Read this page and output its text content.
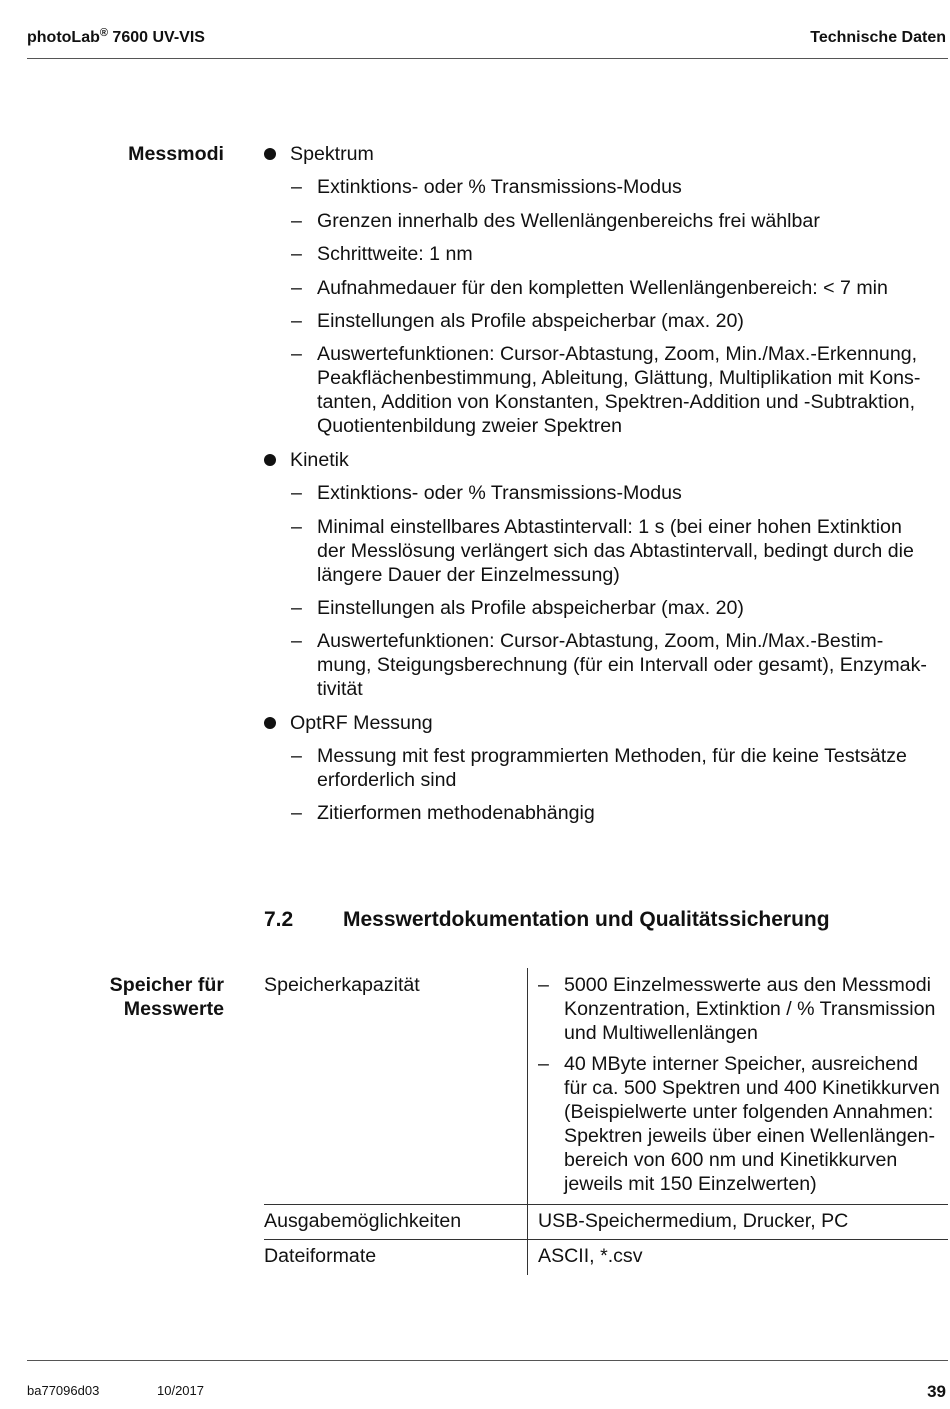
photoLab® 7600 UV-VIS	Technische Daten
Messmodi	Spektrum
–
Extinktions- oder % Transmissions-Modus
–
Grenzen innerhalb des Wellenlängenbereichs frei wählbar
–
Schrittweite: 1 nm
–
Aufnahmedauer für den kompletten Wellenlängenbereich: < 7 min
–
Einstellungen als Profile abspeicherbar (max. 20)
–
Auswertefunktionen: Cursor-Abtastung, Zoom, Min./Max.-Erkennung,
Peakflächenbestimmung, Ableitung, Glättung, Multiplikation mit Kons-
tanten, Addition von Konstanten, Spektren-Addition und -Subtraktion,
Quotientenbildung zweier Spektren
Kinetik
–
Extinktions- oder % Transmissions-Modus
–
Minimal einstellbares Abtastintervall: 1 s (bei einer hohen Extinktion
der Messlösung verlängert sich das Abtastintervall, bedingt durch die
längere Dauer der Einzelmessung)
–
Einstellungen als Profile abspeicherbar (max. 20)
–
Auswertefunktionen: Cursor-Abtastung, Zoom, Min./Max.-Bestim-
mung, Steigungsberechnung (für ein Intervall oder gesamt), Enzymak-
tivität
OptRF Messung
–
Messung mit fest programmierten Methoden, für die keine Testsätze
erforderlich sind
–
Zitierformen methodenabhängig
7.2 Messwertdokumentation und Qualitätssicherung
Speicher für
Messwerte
Speicherkapazität –	5000 Einzelmesswerte aus den Messmodi
Konzentration, Extinktion / % Transmission
und Multiwellenlängen
–
40 MByte interner Speicher, ausreichend
für ca. 500 Spektren und 400 Kinetikkurven
(Beispielwerte unter folgenden Annahmen:
Spektren jeweils über einen Wellenlängen-
bereich von 600 nm und Kinetikkurven
jeweils mit 150 Einzelwerten)
Ausgabemöglichkeiten	USB-Speichermedium, Drucker, PC
Dateiformate	ASCII, *.csv
ba77096d03	10/2017	39
